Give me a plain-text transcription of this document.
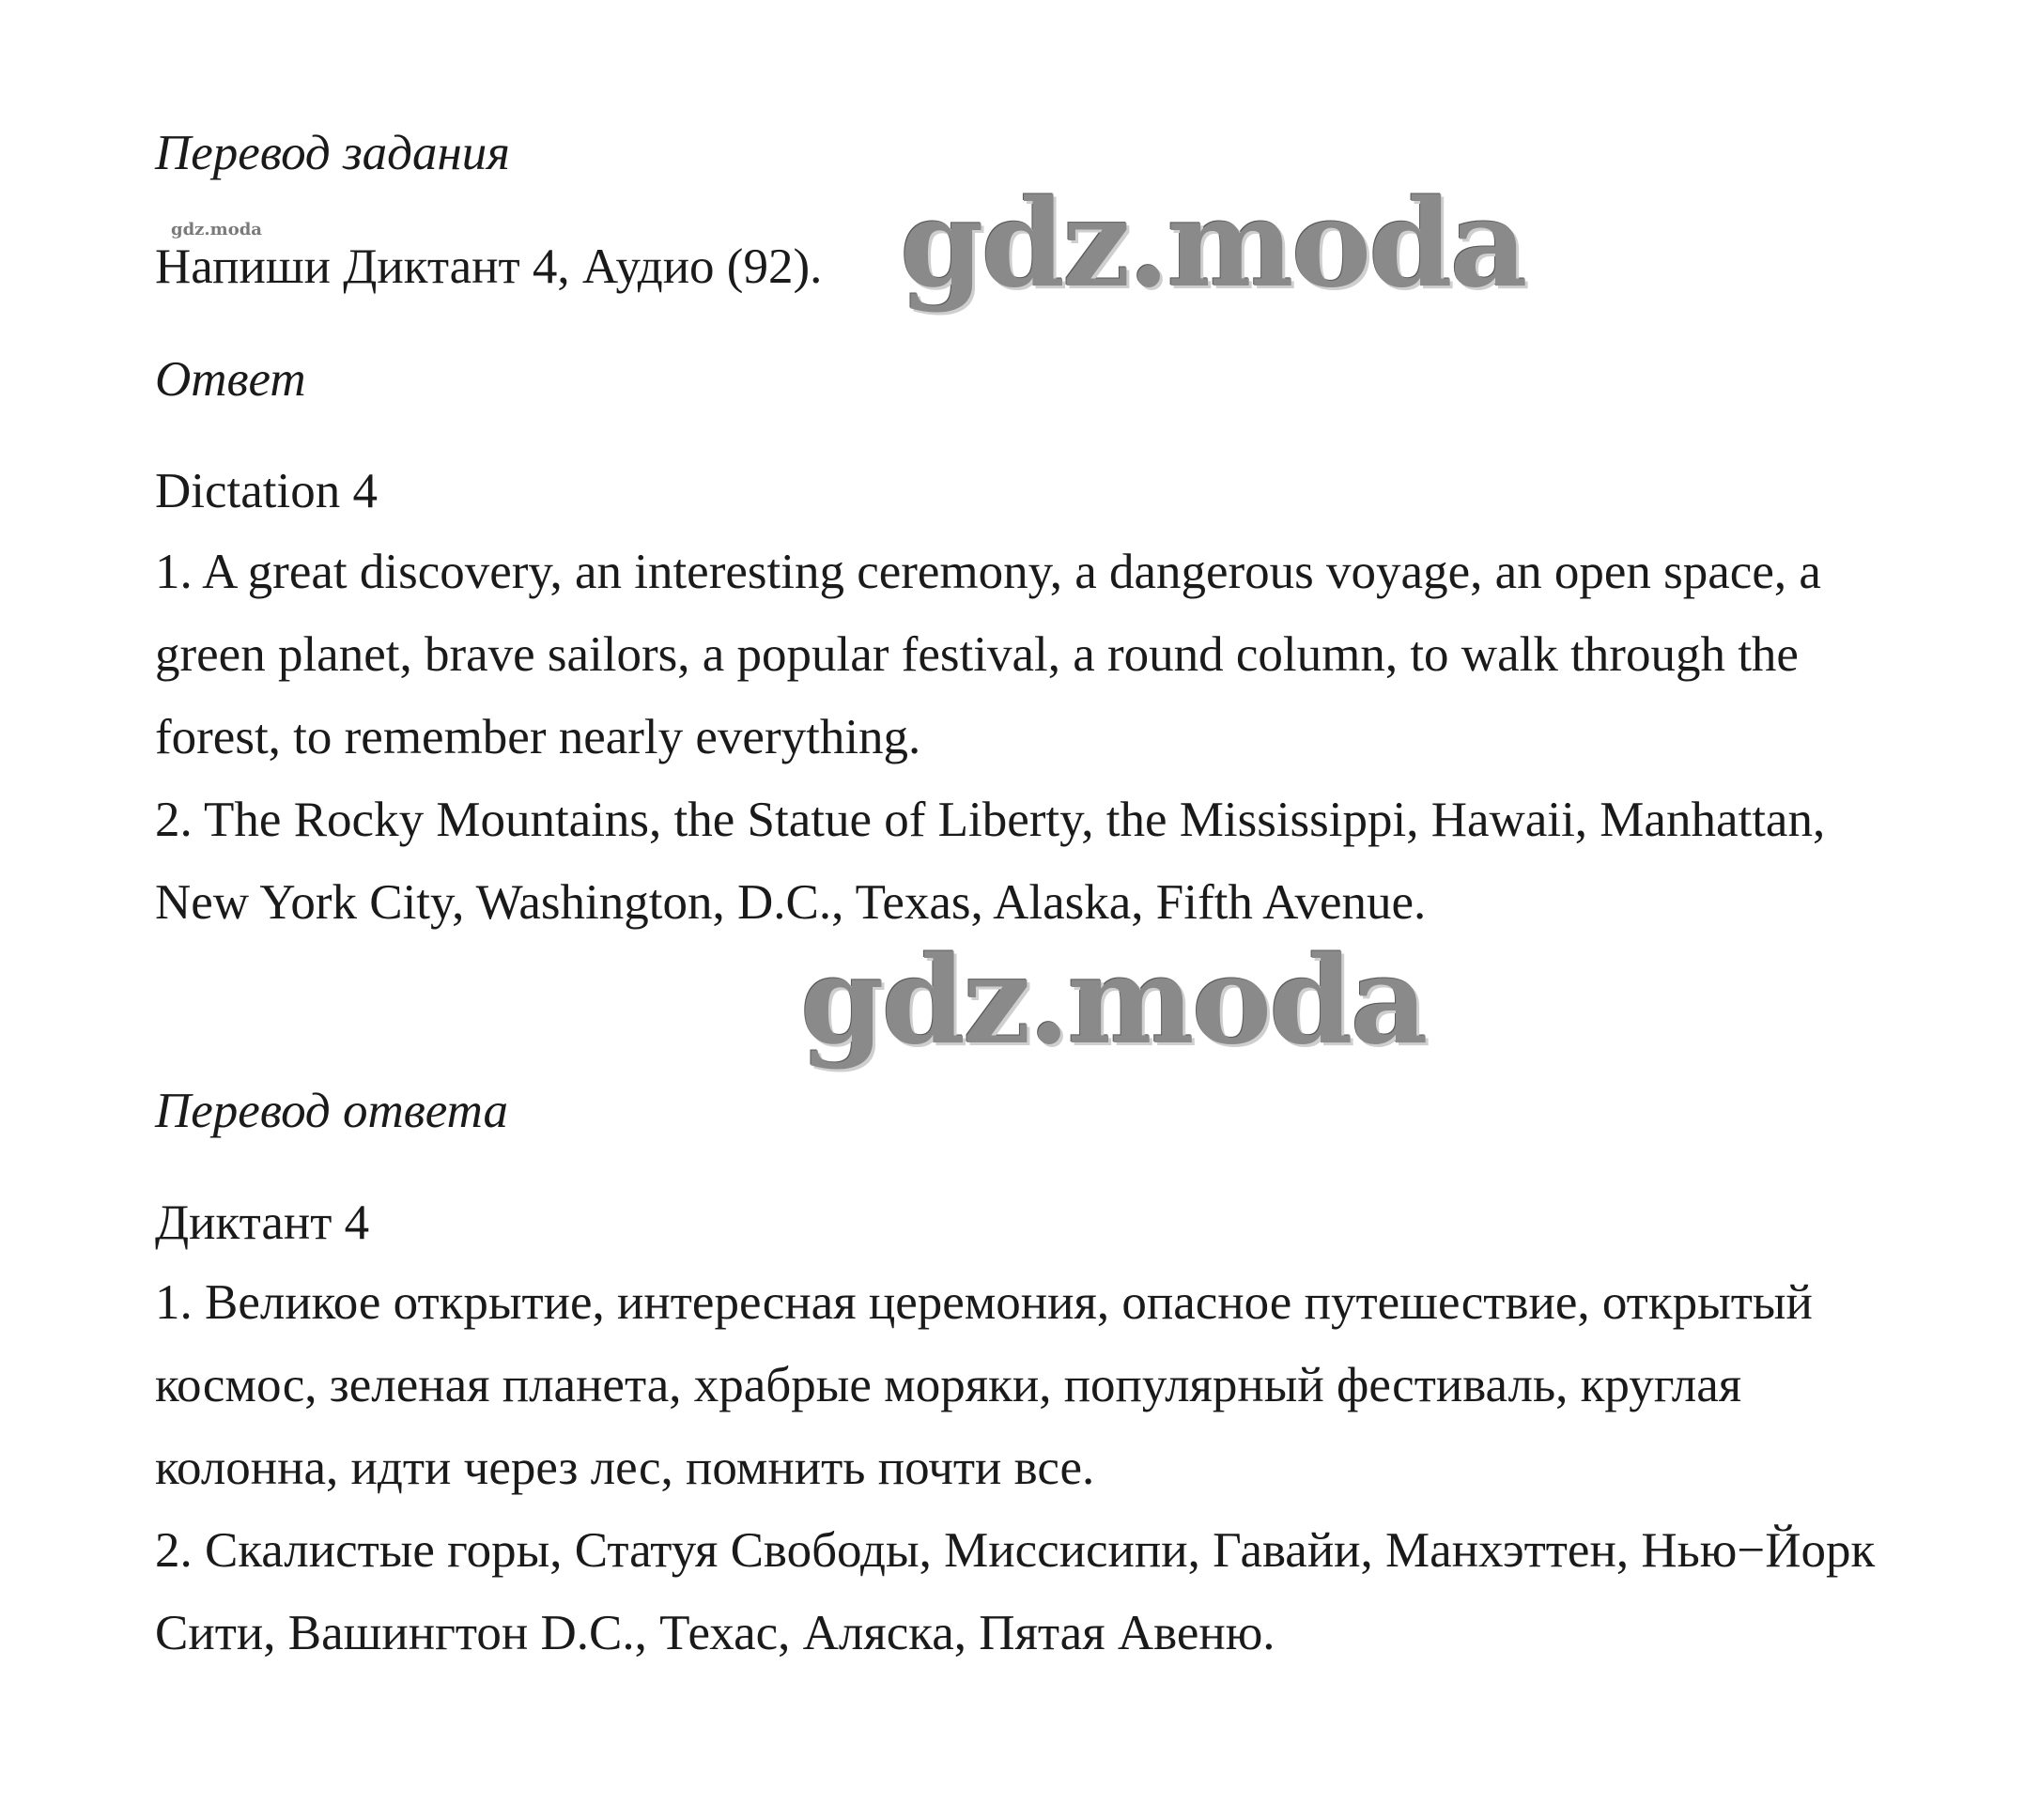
Перевод задания
gdz.moda
Напиши Диктант 4, Аудио (92). gdz.moda
Ответ
Dictation 4

1. A great discovery, an interesting ceremony, a dangerous voyage, an open space, a green planet, brave sailors, a popular festival, a round column, to walk through the forest, to remember nearly everything.

2. The Rocky Mountains, the Statue of Liberty, the Mississippi, Hawaii, Manhattan, New York City, Washington, D.C., Texas, Alaska, Fifth Avenue.

gdz.moda
Перевод ответа
Диктант 4

1. Великое открытие, интересная церемония, опасное путешествие, открытый космос, зеленая планета, храбрые моряки, популярный фестиваль, круглая колонна, идти через лес, помнить почти все.

2. Скалистые горы, Статуя Свободы, Миссисипи, Гавайи, Манхэттен, Нью−Йорк Сити, Вашингтон D.C., Техас, Аляска, Пятая Авеню.
